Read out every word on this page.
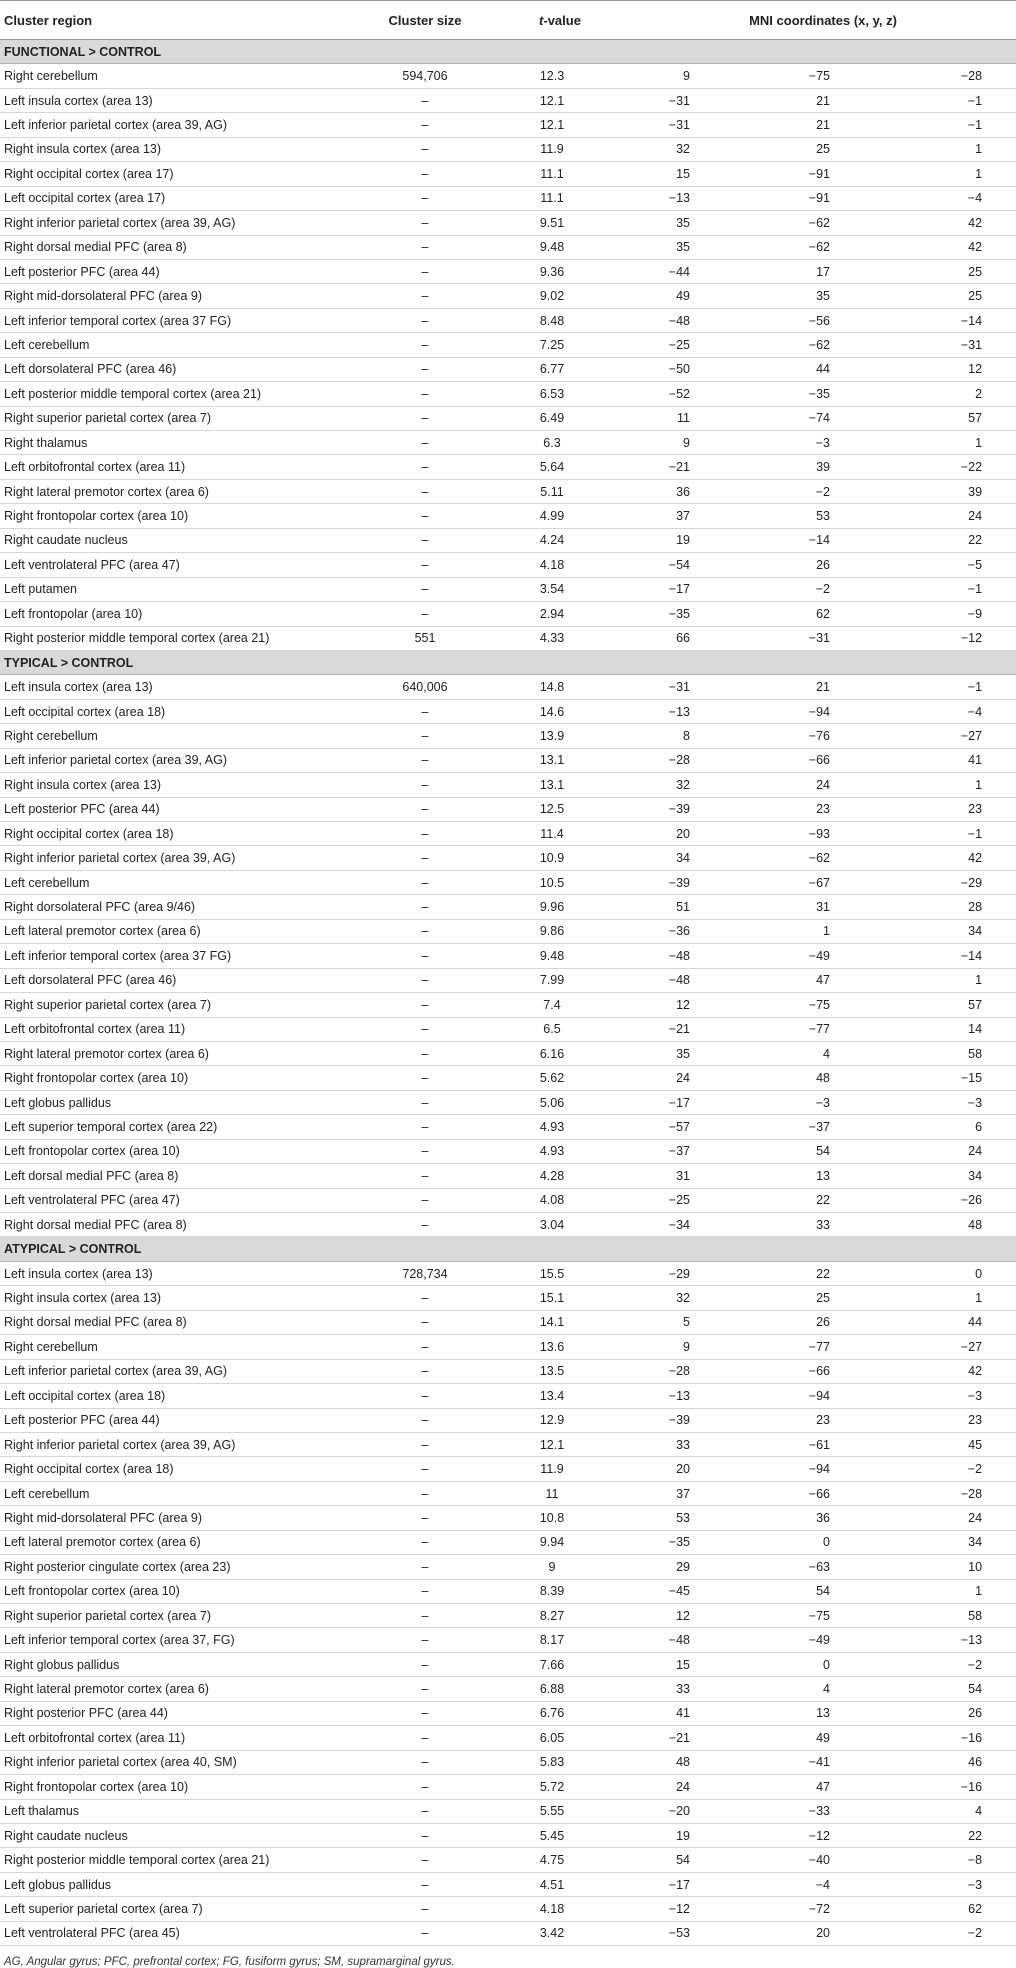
Cluster region	Cluster size	t-value	MNI coordinates (x, y, z)		
FUNCTIONAL > CONTROL					
Right cerebellum	594,706	12.3	9	−75	−28
Left insula cortex (area 13)	–	12.1	−31	21	−1
Left inferior parietal cortex (area 39, AG)	–	12.1	−31	21	−1
Right insula cortex (area 13)	–	11.9	32	25	1
Right occipital cortex (area 17)	–	11.1	15	−91	1
Left occipital cortex (area 17)	–	11.1	−13	−91	−4
Right inferior parietal cortex (area 39, AG)	–	9.51	35	−62	42
Right dorsal medial PFC (area 8)	–	9.48	35	−62	42
Left posterior PFC (area 44)	–	9.36	−44	17	25
Right mid-dorsolateral PFC (area 9)	–	9.02	49	35	25
Left inferior temporal cortex (area 37 FG)	–	8.48	−48	−56	−14
Left cerebellum	–	7.25	−25	−62	−31
Left dorsolateral PFC (area 46)	–	6.77	−50	44	12
Left posterior middle temporal cortex (area 21)	–	6.53	−52	−35	2
Right superior parietal cortex (area 7)	–	6.49	11	−74	57
Right thalamus	–	6.3	9	−3	1
Left orbitofrontal cortex (area 11)	–	5.64	−21	39	−22
Right lateral premotor cortex (area 6)	–	5.11	36	−2	39
Right frontopolar cortex (area 10)	–	4.99	37	53	24
Right caudate nucleus	–	4.24	19	−14	22
Left ventrolateral PFC (area 47)	–	4.18	−54	26	−5
Left putamen	–	3.54	−17	−2	−1
Left frontopolar (area 10)	–	2.94	−35	62	−9
Right posterior middle temporal cortex (area 21)	551	4.33	66	−31	−12
TYPICAL > CONTROL					
Left insula cortex (area 13)	640,006	14.8	−31	21	−1
Left occipital cortex (area 18)	–	14.6	−13	−94	−4
Right cerebellum	–	13.9	8	−76	−27
Left inferior parietal cortex (area 39, AG)	–	13.1	−28	−66	41
Right insula cortex (area 13)	–	13.1	32	24	1
Left posterior PFC (area 44)	–	12.5	−39	23	23
Right occipital cortex (area 18)	–	11.4	20	−93	−1
Right inferior parietal cortex (area 39, AG)	–	10.9	34	−62	42
Left cerebellum	–	10.5	−39	−67	−29
Right dorsolateral PFC (area 9/46)	–	9.96	51	31	28
Left lateral premotor cortex (area 6)	–	9.86	−36	1	34
Left inferior temporal cortex (area 37 FG)	–	9.48	−48	−49	−14
Left dorsolateral PFC (area 46)	–	7.99	−48	47	1
Right superior parietal cortex (area 7)	–	7.4	12	−75	57
Left orbitofrontal cortex (area 11)	–	6.5	−21	−77	14
Right lateral premotor cortex (area 6)	–	6.16	35	4	58
Right frontopolar cortex (area 10)	–	5.62	24	48	−15
Left globus pallidus	–	5.06	−17	−3	−3
Left superior temporal cortex (area 22)	–	4.93	−57	−37	6
Left frontopolar cortex (area 10)	–	4.93	−37	54	24
Left dorsal medial PFC (area 8)	–	4.28	31	13	34
Left ventrolateral PFC (area 47)	–	4.08	−25	22	−26
Right dorsal medial PFC (area 8)	–	3.04	−34	33	48
ATYPICAL > CONTROL					
Left insula cortex (area 13)	728,734	15.5	−29	22	0
Right insula cortex (area 13)	–	15.1	32	25	1
Right dorsal medial PFC (area 8)	–	14.1	5	26	44
Right cerebellum	–	13.6	9	−77	−27
Left inferior parietal cortex (area 39, AG)	–	13.5	−28	−66	42
Left occipital cortex (area 18)	–	13.4	−13	−94	−3
Left posterior PFC (area 44)	–	12.9	−39	23	23
Right inferior parietal cortex (area 39, AG)	–	12.1	33	−61	45
Right occipital cortex (area 18)	–	11.9	20	−94	−2
Left cerebellum	–	11	37	−66	−28
Right mid-dorsolateral PFC (area 9)	–	10.8	53	36	24
Left lateral premotor cortex (area 6)	–	9.94	−35	0	34
Right posterior cingulate cortex (area 23)	–	9	29	−63	10
Left frontopolar cortex (area 10)	–	8.39	−45	54	1
Right superior parietal cortex (area 7)	–	8.27	12	−75	58
Left inferior temporal cortex (area 37, FG)	–	8.17	−48	−49	−13
Right globus pallidus	–	7.66	15	0	−2
Right lateral premotor cortex (area 6)	–	6.88	33	4	54
Right posterior PFC (area 44)	–	6.76	41	13	26
Left orbitofrontal cortex (area 11)	–	6.05	−21	49	−16
Right inferior parietal cortex (area 40, SM)	–	5.83	48	−41	46
Right frontopolar cortex (area 10)	–	5.72	24	47	−16
Left thalamus	–	5.55	−20	−33	4
Right caudate nucleus	–	5.45	19	−12	22
Right posterior middle temporal cortex (area 21)	–	4.75	54	−40	−8
Left globus pallidus	–	4.51	−17	−4	−3
Left superior parietal cortex (area 7)	–	4.18	−12	−72	62
Left ventrolateral PFC (area 45)	–	3.42	−53	20	−2
AG, Angular gyrus; PFC, prefrontal cortex; FG, fusiform gyrus; SM, supramarginal gyrus.
